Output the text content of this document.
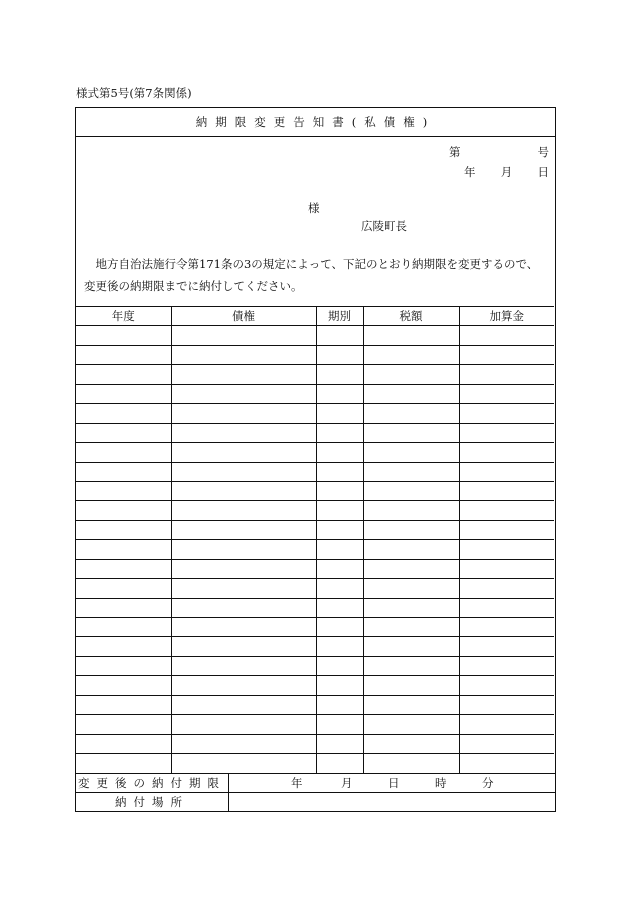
様式第5号(第7条関係)
納期限変更告知書(私債権)
第	号
年 月 日
様
広陵町長
地方自治法施行令第171条の3の規定によって、下記のとおり納期限を変更するので、変更後の納期限までに納付してください。
年度	債権	期別	税額	加算金

変更後の納付期限	年	月	日	時	分
納付場所
